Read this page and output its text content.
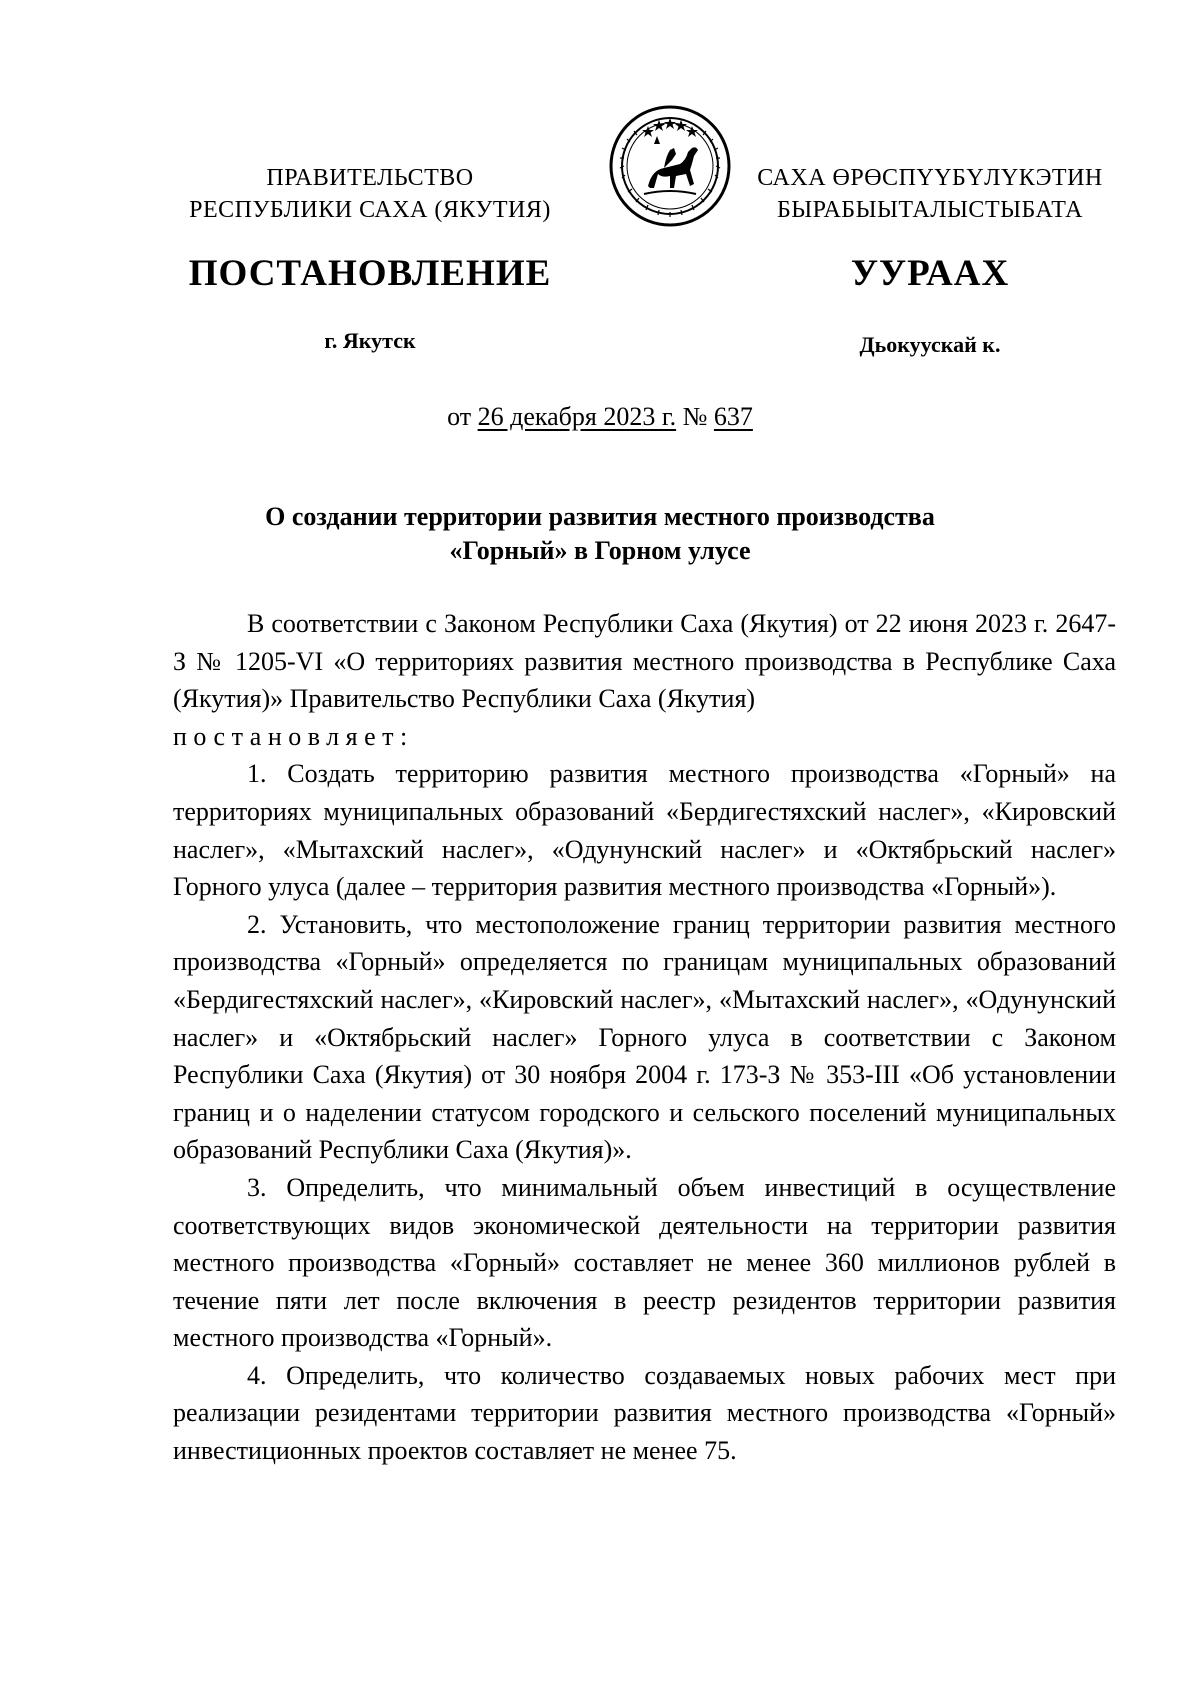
ПРАВИТЕЛЬСТВО
РЕСПУБЛИКИ САХА (ЯКУТИЯ)
САХА ӨРӨСПҮҮБҮЛҮКЭТИН
БЫРАБЫЫТАЛЫСТЫБАТА
ПОСТАНОВЛЕНИЕ	УУРААХ
г. Якутск	Дьокуускай к.
от 26 декабря 2023 г. № 637
О создании территории развития местного производства
«Горный» в Горном улусе

В соответствии с Законом Республики Саха (Якутия) от 22 июня 2023 г. 2647-З № 1205-VI «О территориях развития местного производства в Республике Саха (Якутия)» Правительство Республики Саха (Якутия)
постановляет:

1. Создать территорию развития местного производства «Горный» на территориях муниципальных образований «Бердигестяхский наслег», «Кировский наслег», «Мытахский наслег», «Одунунский наслег» и «Октябрьский наслег» Горного улуса (далее – территория развития местного производства «Горный»).

2. Установить, что местоположение границ территории развития местного производства «Горный» определяется по границам муниципальных образований «Бердигестяхский наслег», «Кировский наслег», «Мытахский наслег», «Одунунский наслег» и «Октябрьский наслег» Горного улуса в соответствии с Законом Республики Саха (Якутия) от 30 ноября 2004 г. 173-З № 353-III «Об установлении границ и о наделении статусом городского и сельского поселений муниципальных образований Республики Саха (Якутия)».

3. Определить, что минимальный объем инвестиций в осуществление соответствующих видов экономической деятельности на территории развития местного производства «Горный» составляет не менее 360 миллионов рублей в течение пяти лет после включения в реестр резидентов территории развития местного производства «Горный».

4. Определить, что количество создаваемых новых рабочих мест при реализации резидентами территории развития местного производства «Горный» инвестиционных проектов составляет не менее 75.
